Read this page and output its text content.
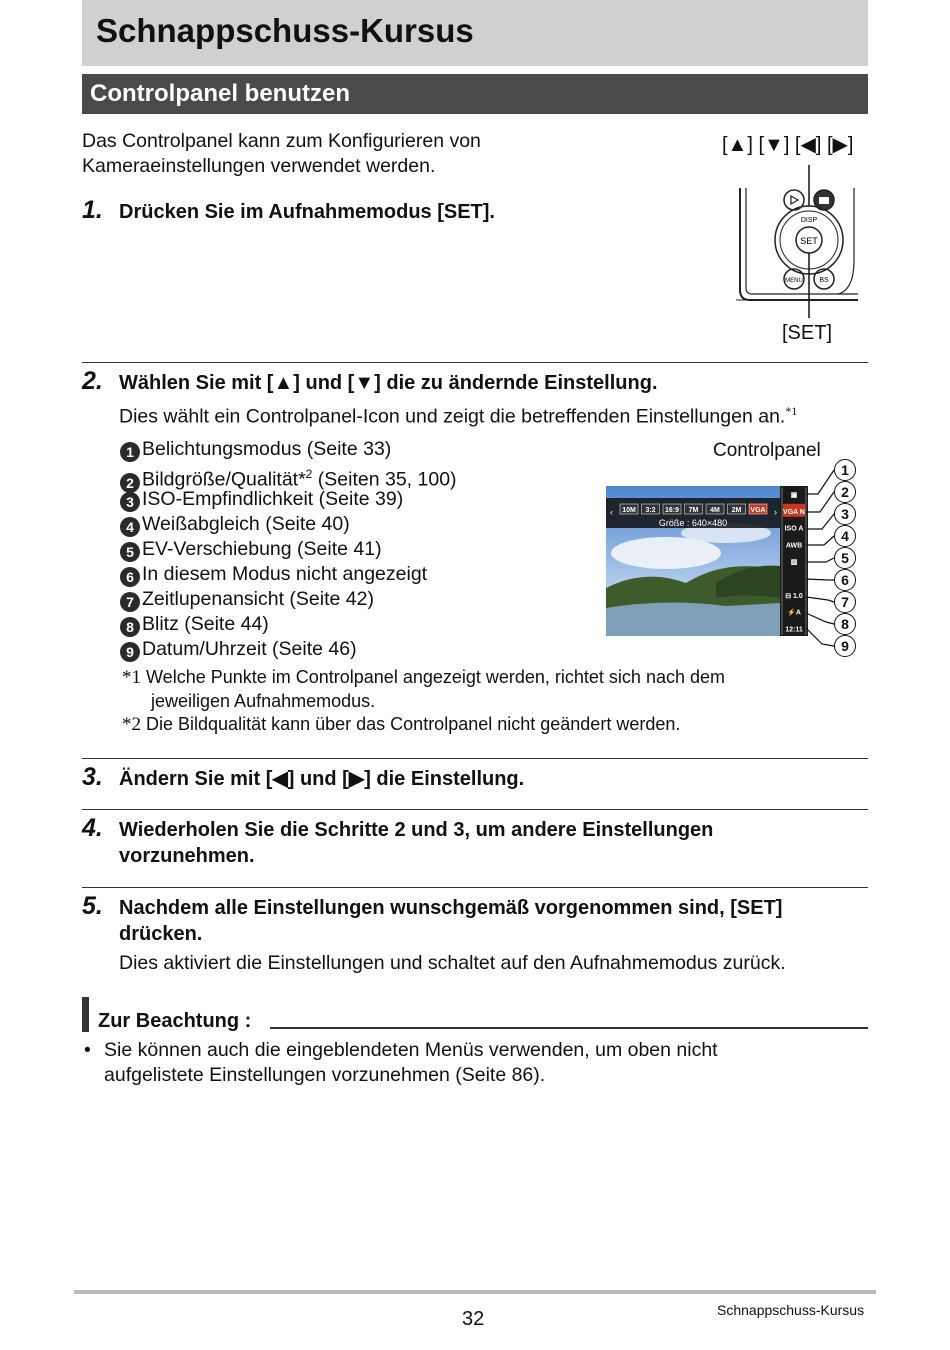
Schnappschuss-Kursus
Controlpanel benutzen
Das Controlpanel kann zum Konfigurieren von
Kameraeinstellungen verwendet werden.
[▲] [▼] [◀] [▶]
SET
DISP
MENU BS
[SET]
1. Drücken Sie im Aufnahmemodus [SET].
2. Wählen Sie mit [▲] und [▼] die zu ändernde Einstellung.
Dies wählt ein Controlpanel-Icon und zeigt die betreffenden Einstellungen an.$^{*1}$
1 Belichtungsmodus (Seite 33)
2 Bildgröße/Qualität*$^2$ (Seiten 35, 100)
3 ISO-Empfindlichkeit (Seite 39)
4 Weißabgleich (Seite 40)
5 EV-Verschiebung (Seite 41)
6 In diesem Modus nicht angezeigt
7 Zeitlupenansicht (Seite 42)
8 Blitz (Seite 44)
9 Datum/Uhrzeit (Seite 46)
Controlpanel
‹	›
10M 3:2 16:9 7M 4M 2M VGA
Größe : 640×480
▣
VGA N
ISO A
AWB
▨
⊟ 1.0
⚡A
12:11
1
2
3
4
5
6
7
8
9
*1 Welche Punkte im Controlpanel angezeigt werden, richtet sich nach dem
jeweiligen Aufnahmemodus.
*2 Die Bildqualität kann über das Controlpanel nicht geändert werden.
3. Ändern Sie mit [◀] und [▶] die Einstellung.
4. Wiederholen Sie die Schritte 2 und 3, um andere Einstellungen
vorzunehmen.
5. Nachdem alle Einstellungen wunschgemäß vorgenommen sind, [SET]
drücken.
Dies aktiviert die Einstellungen und schaltet auf den Aufnahmemodus zurück.
Zur Beachtung :
• Sie können auch die eingeblendeten Menüs verwenden, um oben nicht
aufgelistete Einstellungen vorzunehmen (Seite 86).
32	Schnappschuss-Kursus
